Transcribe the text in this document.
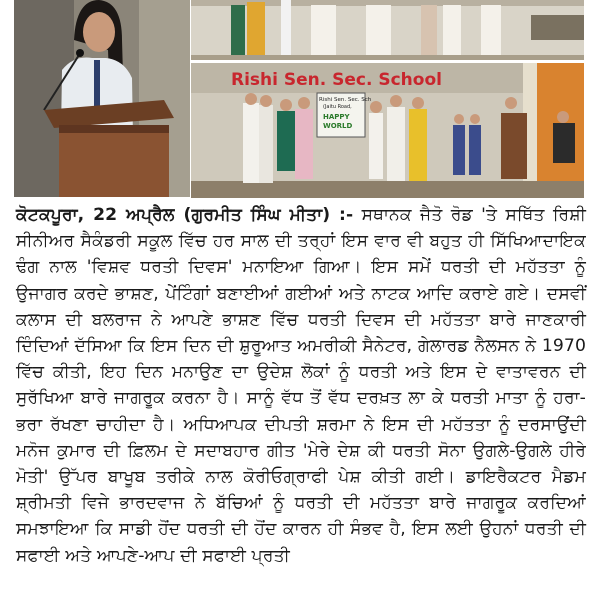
Rishi Sen. Sec. School
Rishi Sen. Sec. Sch
(Jaitu Road,
HAPPY
WORLD
ਕੋਟਕਪੂਰਾ, 22 ਅਪ੍ਰੈਲ (ਗੁਰਮੀਤ ਸਿੰਘ ਮੀਤਾ) :- ਸਥਾਨਕ ਜੈਤੋ ਰੋਡ 'ਤੇ ਸਥਿੱਤ ਰਿਸ਼ੀ ਸੀਨੀਅਰ ਸੈਕੰਡਰੀ ਸਕੂਲ ਵਿੱਚ ਹਰ ਸਾਲ ਦੀ ਤਰ੍ਹਾਂ ਇਸ ਵਾਰ ਵੀ ਬਹੁਤ ਹੀ ਸਿੱਖਿਆਦਾਇਕ ਢੰਗ ਨਾਲ 'ਵਿਸ਼ਵ ਧਰਤੀ ਦਿਵਸ' ਮਨਾਇਆ ਗਿਆ। ਇਸ ਸਮੇਂ ਧਰਤੀ ਦੀ ਮਹੱਤਤਾ ਨੂੰ ਉਜਾਗਰ ਕਰਦੇ ਭਾਸ਼ਣ, ਪੇਂਟਿੰਗਾਂ ਬਣਾਈਆਂ ਗਈਆਂ ਅਤੇ ਨਾਟਕ ਆਦਿ ਕਰਾਏ ਗਏ। ਦਸਵੀਂ ਕਲਾਸ ਦੀ ਬਲਰਾਜ ਨੇ ਆਪਣੇ ਭਾਸ਼ਣ ਵਿੱਚ ਧਰਤੀ ਦਿਵਸ ਦੀ ਮਹੱਤਤਾ ਬਾਰੇ ਜਾਣਕਾਰੀ ਦਿੰਦਿਆਂ ਦੱਸਿਆ ਕਿ ਇਸ ਦਿਨ ਦੀ ਸ਼ੁਰੂਆਤ ਅਮਰੀਕੀ ਸੈਨੇਟਰ, ਗੇਲਾਰਡ ਨੈਲਸਨ ਨੇ 1970 ਵਿੱਚ ਕੀਤੀ, ਇਹ ਦਿਨ ਮਨਾਉਣ ਦਾ ਉਦੇਸ਼ ਲੋਕਾਂ ਨੂੰ ਧਰਤੀ ਅਤੇ ਇਸ ਦੇ ਵਾਤਾਵਰਨ ਦੀ ਸੁਰੱਖਿਆ ਬਾਰੇ ਜਾਗਰੂਕ ਕਰਨਾ ਹੈ। ਸਾਨੂੰ ਵੱਧ ਤੋਂ ਵੱਧ ਦਰਖ਼ਤ ਲਾ ਕੇ ਧਰਤੀ ਮਾਤਾ ਨੂੰ ਹਰਾ-ਭਰਾ ਰੱਖਣਾ ਚਾਹੀਦਾ ਹੈ। ਅਧਿਆਪਕ ਦੀਪਤੀ ਸ਼ਰਮਾ ਨੇ ਇਸ ਦੀ ਮਹੱਤਤਾ ਨੂੰ ਦਰਸਾਉਂਦੀ ਮਨੋਜ ਕੁਮਾਰ ਦੀ ਫ਼ਿਲਮ ਦੇ ਸਦਾਬਹਾਰ ਗੀਤ 'ਮੇਰੇ ਦੇਸ਼ ਕੀ ਧਰਤੀ ਸੋਨਾ ਉਗਲੇ-ਉਗਲੇ ਹੀਰੇ ਮੋਤੀ' ਉੱਪਰ ਬਾਖੂਬ ਤਰੀਕੇ ਨਾਲ ਕੋਰੀਓਗ੍ਰਾਫੀ ਪੇਸ਼ ਕੀਤੀ ਗਈ। ਡਾਇਰੈਕਟਰ ਮੈਡਮ ਸ਼੍ਰੀਮਤੀ ਵਿਜੇ ਭਾਰਦਵਾਜ ਨੇ ਬੱਚਿਆਂ ਨੂੰ ਧਰਤੀ ਦੀ ਮਹੱਤਤਾ ਬਾਰੇ ਜਾਗਰੂਕ ਕਰਦਿਆਂ ਸਮਝਾਇਆ ਕਿ ਸਾਡੀ ਹੋਂਦ ਧਰਤੀ ਦੀ ਹੋਂਦ ਕਾਰਨ ਹੀ ਸੰਭਵ ਹੈ, ਇਸ ਲਈ ਉਹਨਾਂ ਧਰਤੀ ਦੀ ਸਫਾਈ ਅਤੇ ਆਪਣੇ-ਆਪ ਦੀ ਸਫਾਈ ਪ੍ਰਤੀ
